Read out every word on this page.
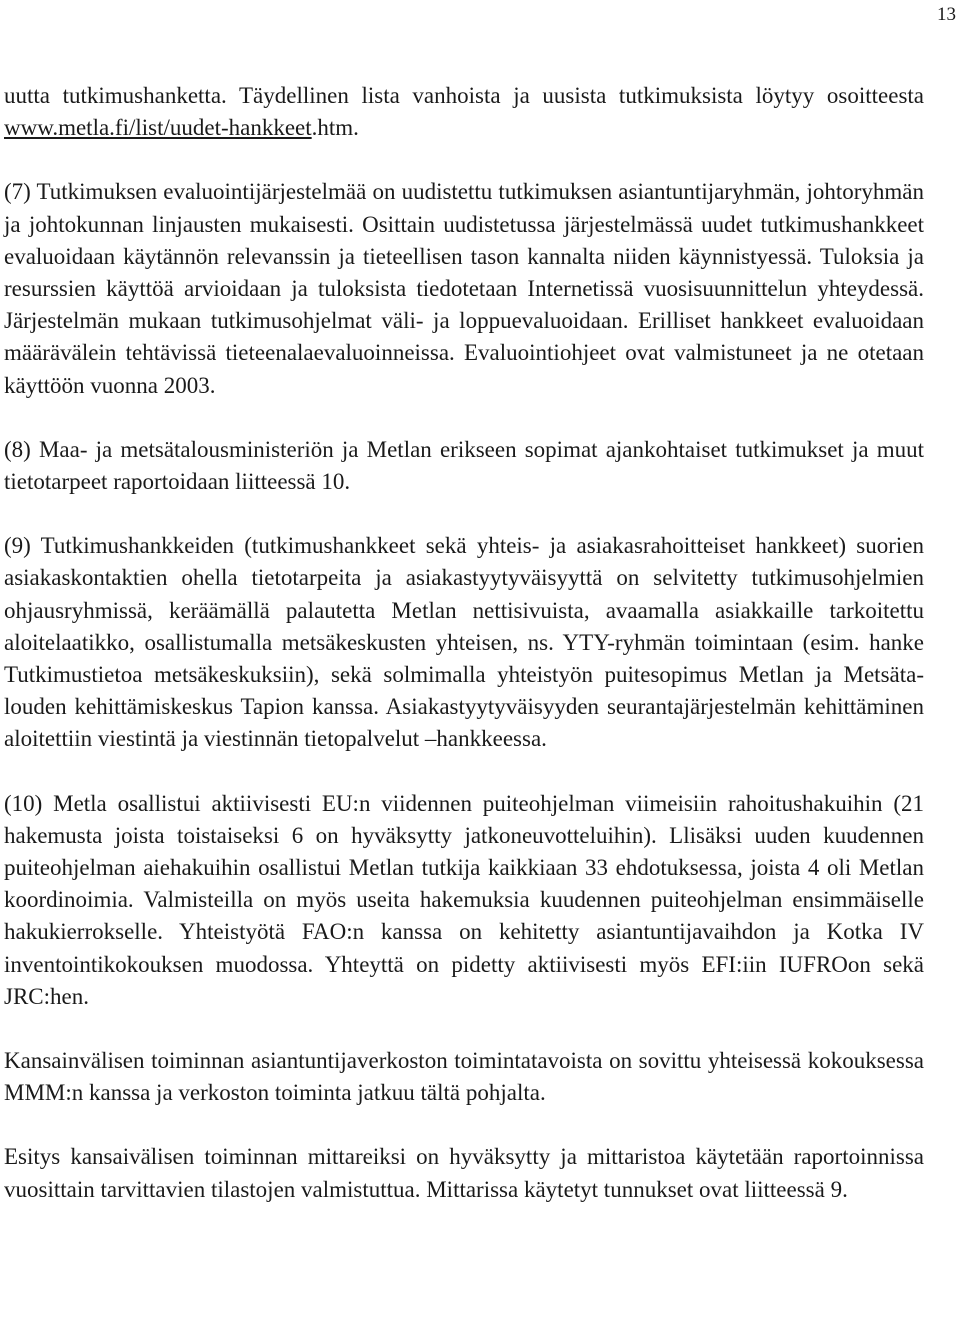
13

uutta tutkimushanketta. Täydellinen lista vanhoista ja uusista tutkimuksista löytyy osoitteesta www.metla.fi/list/uudet-hankkeet.htm.

(7) Tutkimuksen evaluointijärjestelmää on uudistettu tutkimuksen asiantuntijaryhmän, johtoryhmän ja johtokunnan linjausten mukaisesti. Osittain uudistetussa järjestelmässä uudet tutkimushankkeet evaluoidaan käytännön relevanssin ja tieteellisen tason kannalta niiden käynnistyessä. Tuloksia ja resurssien käyttöä arvioidaan ja tuloksista tiedotetaan Internetissä vuosisuunnittelun yhteydessä. Järjestelmän mukaan tutkimusohjelmat väli- ja loppuevaluoidaan. Erilliset hankkeet evaluoidaan määrävälein tehtävissä tieteenalaevaluoinneissa. Evaluointiohjeet ovat valmistuneet ja ne otetaan käyttöön vuonna 2003.

(8) Maa- ja metsätalousministeriön ja Metlan erikseen sopimat ajankohtaiset tutkimukset ja muut tietotarpeet raportoidaan liitteessä 10.

(9) Tutkimushankkeiden (tutkimushankkeet sekä yhteis- ja asiakasrahoitteiset hankkeet) suorien asiakaskontaktien ohella tietotarpeita ja asiakastyytyväisyyttä on selvitetty tutkimusohjelmien ohjausryhmissä, keräämällä palautetta Metlan nettisivuista, avaamalla asiakkaille tarkoitettu aloitelaatikko, osallistumalla metsäkeskusten yhteisen, ns. YTY-ryhmän toimintaan (esim. hanke Tutkimustietoa metsäkeskuksiin), sekä solmimalla yhteistyön puitesopimus Metlan ja Metsätalouden kehittämiskeskus Tapion kanssa. Asiakastyytyväisyyden seurantajärjestelmän kehittäminen aloitettiin viestintä ja viestinnän tietopalvelut –hankkeessa.

(10) Metla osallistui aktiivisesti EU:n viidennen puiteohjelman viimeisiin rahoitushakuihin (21 hakemusta joista toistaiseksi 6 on hyväksytty jatkoneuvotteluihin). Llisäksi uuden kuudennen puiteohjelman aiehakuihin osallistui Metlan tutkija kaikkiaan 33 ehdotuksessa, joista 4 oli Metlan koordinoimia. Valmisteilla on myös useita hakemuksia kuudennen puiteohjelman ensimmäiselle hakukierrokselle. Yhteistyötä FAO:n kanssa on kehitetty asiantuntijavaihdon ja Kotka IV inventointikokouksen muodossa. Yhteyttä on pidetty aktiivisesti myös EFI:iin IUFROon sekä JRC:hen.

Kansainvälisen toiminnan asiantuntijaverkoston toimintatavoista on sovittu yhteisessä kokouksessa MMM:n kanssa ja verkoston toiminta jatkuu tältä pohjalta.

Esitys kansaivälisen toiminnan mittareiksi on hyväksytty ja mittaristoa käytetään raportoinnissa vuosittain tarvittavien tilastojen valmistuttua. Mittarissa käytetyt tunnukset ovat liitteessä 9.
